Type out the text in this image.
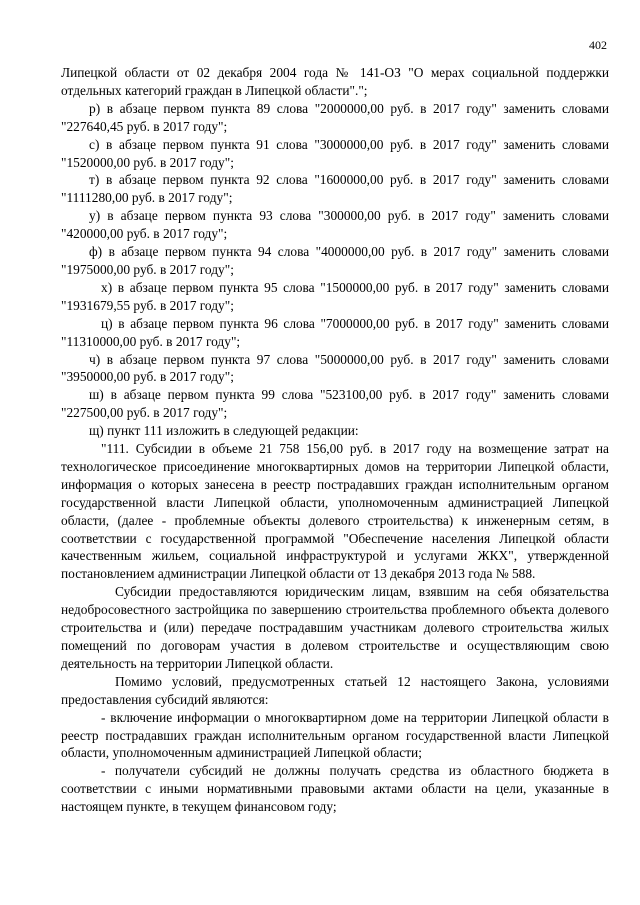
402

Липецкой области от 02 декабря 2004 года № 141-ОЗ "О мерах социальной поддержки отдельных категорий граждан в Липецкой области".";

р) в абзаце первом пункта 89 слова "2000000,00 руб. в 2017 году" заменить словами "227640,45 руб. в 2017 году";

с) в абзаце первом пункта 91 слова "3000000,00 руб. в 2017 году" заменить словами "1520000,00 руб. в 2017 году";

т) в абзаце первом пункта 92 слова "1600000,00 руб. в 2017 году" заменить словами "1111280,00 руб. в 2017 году";

у) в абзаце первом пункта 93 слова "300000,00 руб. в 2017 году" заменить словами "420000,00 руб. в 2017 году";

ф) в абзаце первом пункта 94 слова "4000000,00 руб. в 2017 году" заменить словами "1975000,00 руб. в 2017 году";

х) в абзаце первом пункта 95 слова "1500000,00 руб. в 2017 году" заменить словами "1931679,55 руб. в 2017 году";

ц) в абзаце первом пункта 96 слова "7000000,00 руб. в 2017 году" заменить словами "11310000,00 руб. в 2017 году";

ч) в абзаце первом пункта 97 слова "5000000,00 руб. в 2017 году" заменить словами "3950000,00 руб. в 2017 году";

ш) в абзаце первом пункта 99 слова "523100,00 руб. в 2017 году" заменить словами "227500,00 руб. в 2017 году";

щ) пункт 111 изложить в следующей редакции:

"111. Субсидии в объеме 21 758 156,00 руб. в 2017 году на возмещение затрат на технологическое присоединение многоквартирных домов на территории Липецкой области, информация о которых занесена в реестр пострадавших граждан исполнительным органом государственной власти Липецкой области, уполномоченным администрацией Липецкой области, (далее - проблемные объекты долевого строительства) к инженерным сетям, в соответствии с государственной программой "Обеспечение населения Липецкой области качественным жильем, социальной инфраструктурой и услугами ЖКХ", утвержденной постановлением администрации Липецкой области от 13 декабря 2013 года № 588.

Субсидии предоставляются юридическим лицам, взявшим на себя обязательства недобросовестного застройщика по завершению строительства проблемного объекта долевого строительства и (или) передаче пострадавшим участникам долевого строительства жилых помещений по договорам участия в долевом строительстве и осуществляющим свою деятельность на территории Липецкой области.

Помимо условий, предусмотренных статьей 12 настоящего Закона, условиями предоставления субсидий являются:

- включение информации о многоквартирном доме на территории Липецкой области в реестр пострадавших граждан исполнительным органом государственной власти Липецкой области, уполномоченным администрацией Липецкой области;

- получатели субсидий не должны получать средства из областного бюджета в соответствии с иными нормативными правовыми актами области на цели, указанные в настоящем пункте, в текущем финансовом году;
